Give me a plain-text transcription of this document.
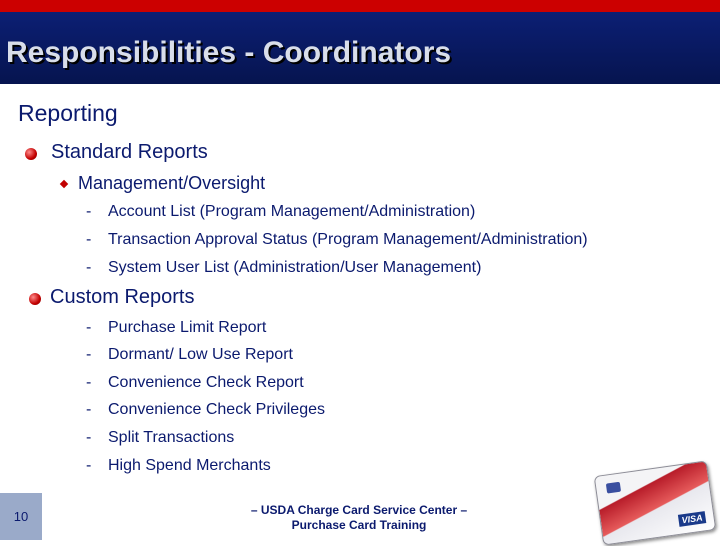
Responsibilities - Coordinators
Reporting
Standard Reports
Management/Oversight
- Account List (Program Management/Administration)
- Transaction Approval Status (Program Management/Administration)
- System User List (Administration/User Management)
Custom Reports
- Purchase Limit Report
- Dormant/ Low Use Report
- Convenience Check Report
- Convenience Check Privileges
- Split Transactions
- High Spend Merchants
10	– USDA Charge Card Service Center –
Purchase Card Training	VISA
